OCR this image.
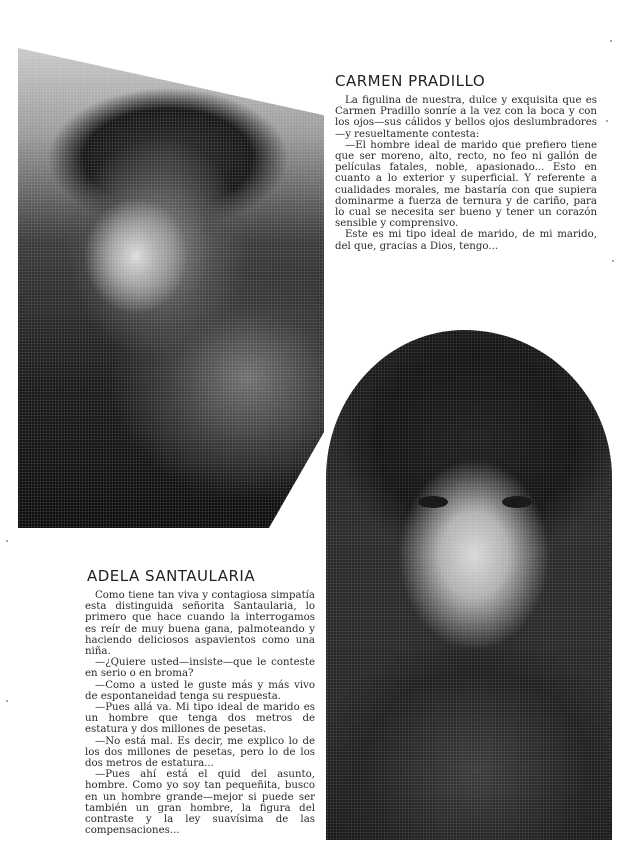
CARMEN PRADILLO

La figulina de nuestra, dulce y exquisita que es Carmen Pradillo sonríe a la vez con la boca y con los ojos—sus cálidos y bellos ojos deslumbradores—y resueltamente contesta:

—El hombre ideal de marido que prefiero tiene que ser moreno, alto, recto, no feo ni gallón de películas fatales, noble, apasionado... Esto en cuanto a lo exterior y superficial. Y referente a cualidades morales, me bastaría con que supiera dominarme a fuerza de ternura y de cariño, para lo cual se necesita ser bueno y tener un corazón sensible y comprensivo.

Este es mi tipo ideal de marido, de mi marido, del que, gracias a Dios, tengo...

ADELA SANTAULARIA

Como tiene tan viva y contagiosa simpatía esta distinguida señorita Santaularia, lo primero que hace cuando la interrogamos es reír de muy buena gana, palmoteando y haciendo deliciosos aspavientos como una niña.

—¿Quiere usted—insiste—que le conteste en serio o en broma?

—Como a usted le guste más y más vivo de espontaneidad tenga su respuesta.

—Pues allá va. Mi tipo ideal de marido es un hombre que tenga dos metros de estatura y dos millones de pesetas.

—No está mal. Es decir, me explico lo de los dos millones de pesetas, pero lo de los dos metros de estatura...

—Pues ahí está el quid del asunto, hombre. Como yo soy tan pequeñita, busco en un hombre grande—mejor si puede ser también un gran hombre, la figura del contraste y la ley suavísima de las compensaciones...
